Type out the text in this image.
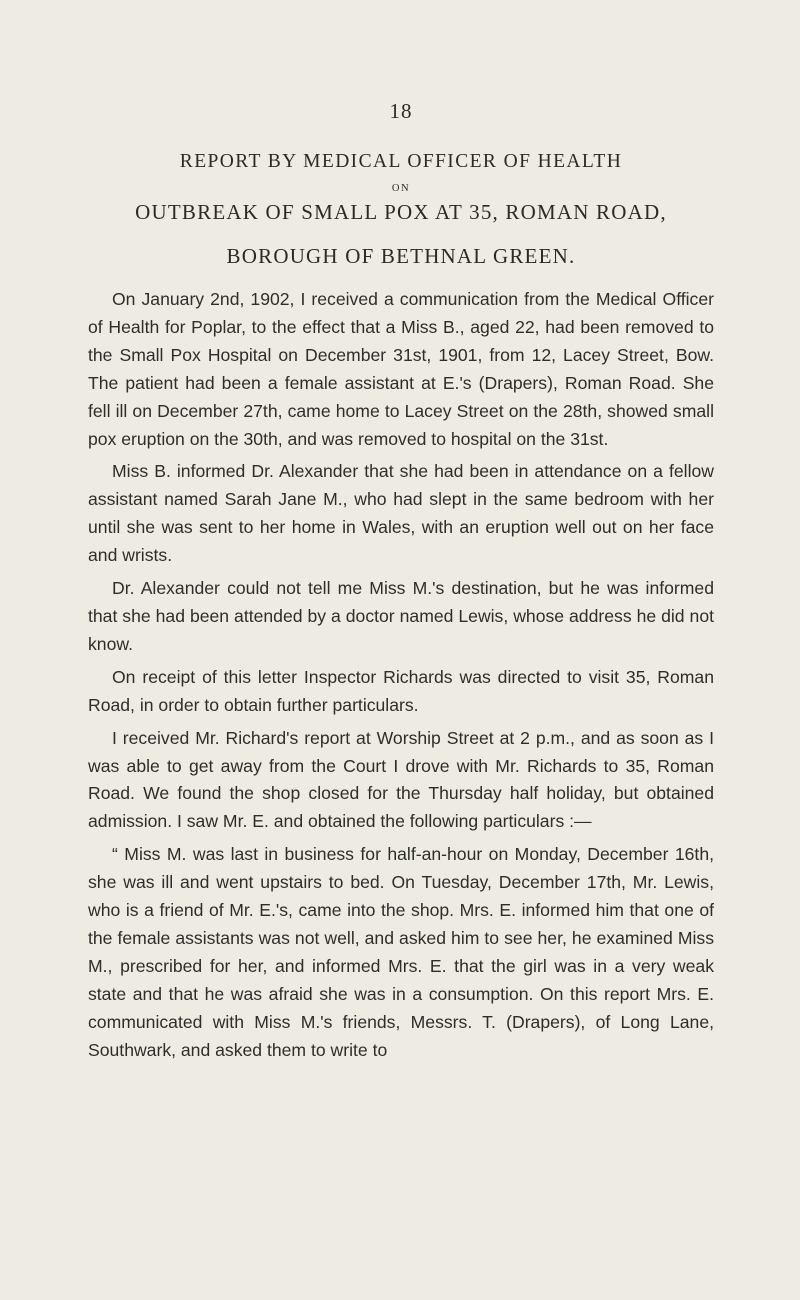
18

REPORT BY MEDICAL OFFICER OF HEALTH

ON

OUTBREAK OF SMALL POX AT 35, ROMAN ROAD,
BOROUGH OF BETHNAL GREEN.

On January 2nd, 1902, I received a communication from the Medical Officer of Health for Poplar, to the effect that a Miss B., aged 22, had been removed to the Small Pox Hospital on December 31st, 1901, from 12, Lacey Street, Bow. The patient had been a female assistant at E.'s (Drapers), Roman Road. She fell ill on December 27th, came home to Lacey Street on the 28th, showed small pox eruption on the 30th, and was removed to hospital on the 31st.

Miss B. informed Dr. Alexander that she had been in attendance on a fellow assistant named Sarah Jane M., who had slept in the same bedroom with her until she was sent to her home in Wales, with an eruption well out on her face and wrists.

Dr. Alexander could not tell me Miss M.'s destination, but he was informed that she had been attended by a doctor named Lewis, whose address he did not know.

On receipt of this letter Inspector Richards was directed to visit 35, Roman Road, in order to obtain further particulars.

I received Mr. Richard's report at Worship Street at 2 p.m., and as soon as I was able to get away from the Court I drove with Mr. Richards to 35, Roman Road. We found the shop closed for the Thursday half holiday, but obtained admission. I saw Mr. E. and obtained the following particulars :—

“ Miss M. was last in business for half-an-hour on Monday, December 16th, she was ill and went upstairs to bed. On Tuesday, December 17th, Mr. Lewis, who is a friend of Mr. E.'s, came into the shop. Mrs. E. informed him that one of the female assistants was not well, and asked him to see her, he examined Miss M., prescribed for her, and informed Mrs. E. that the girl was in a very weak state and that he was afraid she was in a consumption. On this report Mrs. E. communicated with Miss M.'s friends, Messrs. T. (Drapers), of Long Lane, Southwark, and asked them to write to
